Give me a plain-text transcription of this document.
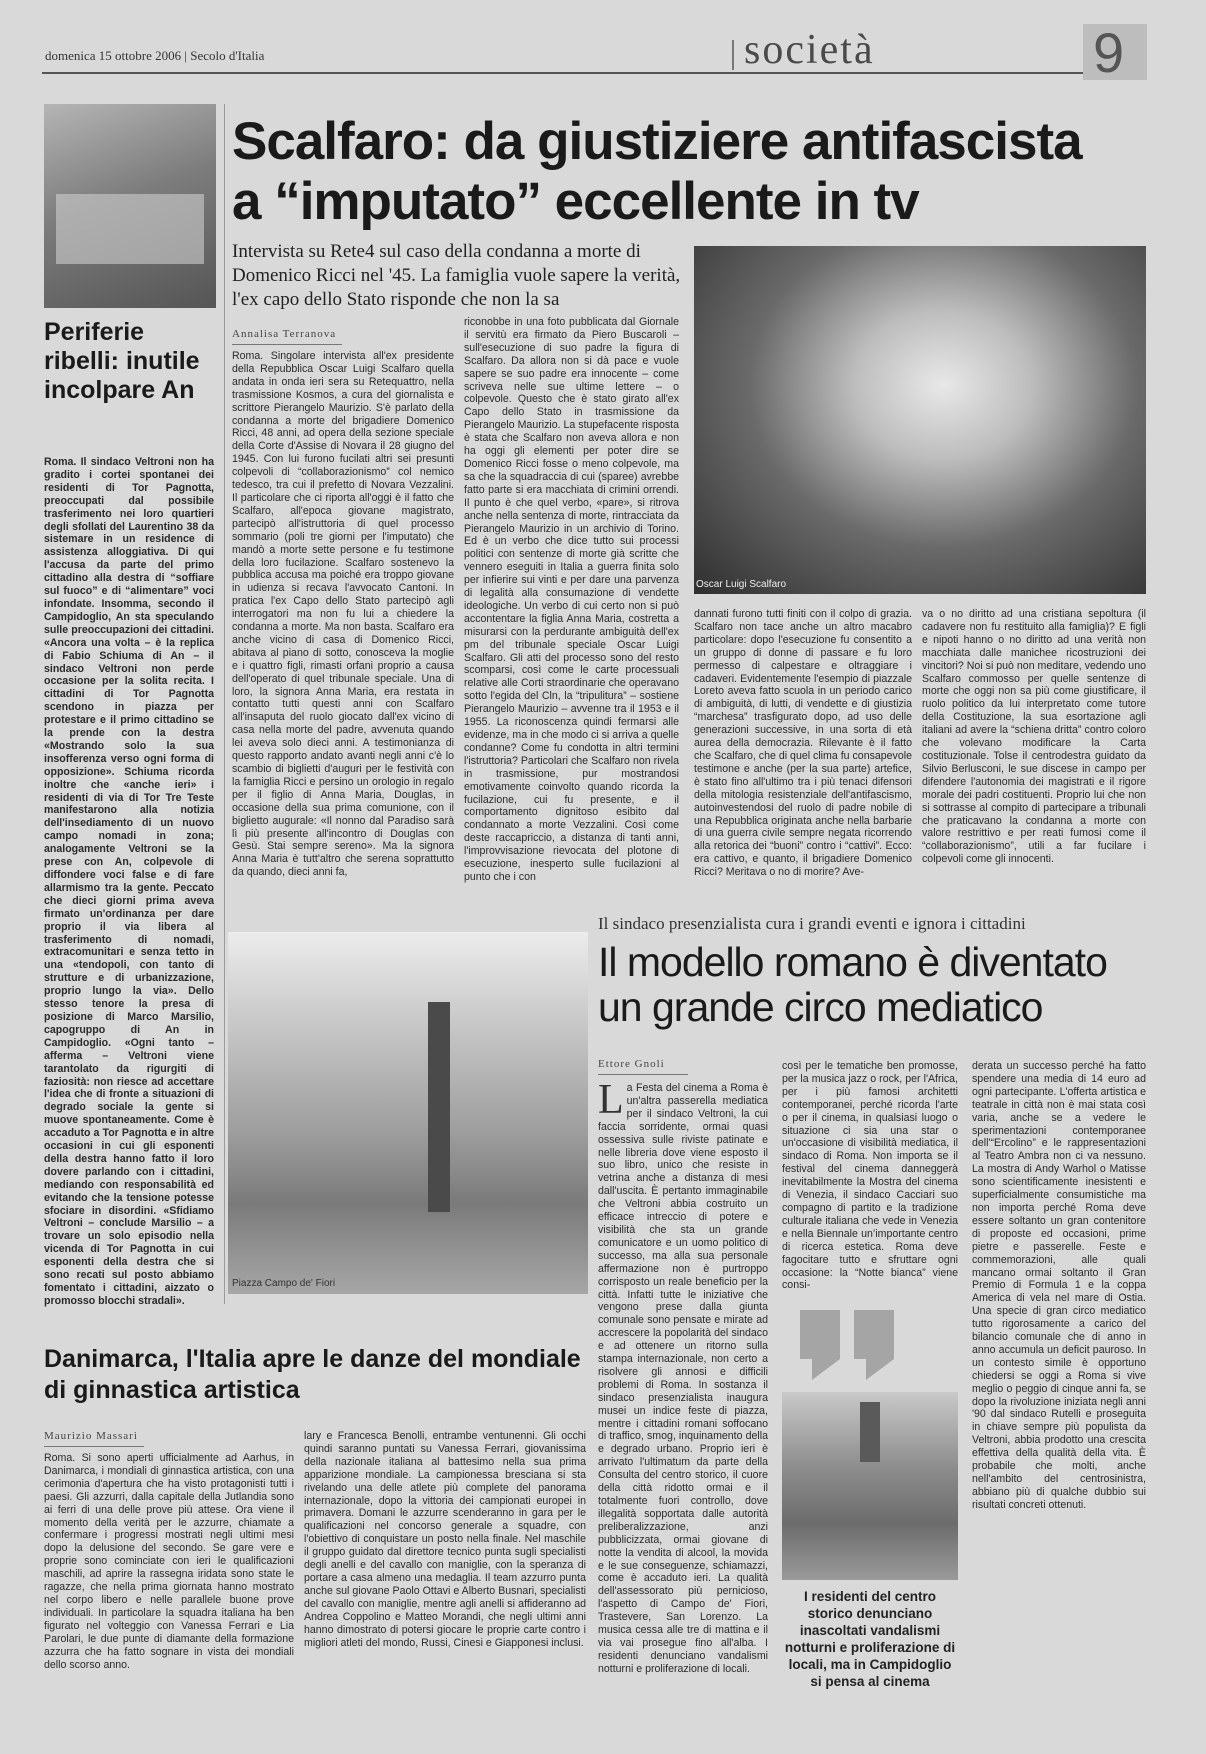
domenica 15 ottobre 2006 | Secolo d'Italia	società	9
Scalfaro: da giustiziere antifascista
a “imputato” eccellente in tv
Intervista su Rete4 sul caso della condanna a morte di Domenico Ricci nel '45. La famiglia vuole sapere la verità, l'ex capo dello Stato risponde che non la sa
Oscar Luigi Scalfaro
Annalisa Terranova
Roma. Singolare intervista all'ex presidente della Repubblica Oscar Luigi Scalfaro quella andata in onda ieri sera su Retequattro, nella trasmissione Kosmos, a cura del giornalista e scrittore Pierangelo Maurizio. S'è parlato della condanna a morte del brigadiere Domenico Ricci, 48 anni, ad opera della sezione speciale della Corte d'Assise di Novara il 28 giugno del 1945. Con lui furono fucilati altri sei presunti colpevoli di “collaborazionismo” col nemico tedesco, tra cui il prefetto di Novara Vezzalini. Il particolare che ci riporta all'oggi è il fatto che Scalfaro, all'epoca giovane magistrato, partecipò all'istruttoria di quel processo sommario (poli tre giorni per l'imputato) che mandò a morte sette persone e fu testimone della loro fucilazione. Scalfaro sostenevo la pubblica accusa ma poiché era troppo giovane in udienza si recava l'avvocato Cantoni. In pratica l'ex Capo dello Stato partecipò agli interrogatori ma non fu lui a chiedere la condanna a morte. Ma non basta. Scalfaro era anche vicino di casa di Domenico Ricci, abitava al piano di sotto, conosceva la moglie e i quattro figli, rimasti orfani proprio a causa dell'operato di quel tribunale speciale. Una di loro, la signora Anna Maria, era restata in contatto tutti questi anni con Scalfaro all'insaputa del ruolo giocato dall'ex vicino di casa nella morte del padre, avvenuta quando lei aveva solo dieci anni. A testimonianza di questo rapporto andato avanti negli anni c'è lo scambio di biglietti d'auguri per le festività con la famiglia Ricci e persino un orologio in regalo per il figlio di Anna Maria, Douglas, in occasione della sua prima comunione, con il biglietto augurale: «Il nonno dal Paradiso sarà lì più presente all'incontro di Douglas con Gesù. Stai sempre sereno». Ma la signora Anna Maria è tutt'altro che serena soprattutto da quando, dieci anni fa,
riconobbe in una foto pubblicata dal Giornale il servitù era firmato da Piero Buscaroli – sull'esecuzione di suo padre la figura di Scalfaro. Da allora non si dà pace e vuole sapere se suo padre era innocente – come scriveva nelle sue ultime lettere – o colpevole. Questo che è stato girato all'ex Capo dello Stato in trasmissione da Pierangelo Maurizio. La stupefacente risposta è stata che Scalfaro non aveva allora e non ha oggi gli elementi per poter dire se Domenico Ricci fosse o meno colpevole, ma sa che la squadraccia di cui (sparee) avrebbe fatto parte si era macchiata di crimini orrendi. Il punto è che quel verbo, «pare», si ritrova anche nella sentenza di morte, rintracciata da Pierangelo Maurizio in un archivio di Torino. Ed è un verbo che dice tutto sui processi politici con sentenze di morte già scritte che vennero eseguiti in Italia a guerra finita solo per infierire sui vinti e per dare una parvenza di legalità alla consumazione di vendette ideologiche. Un verbo di cui certo non si può accontentare la figlia Anna Maria, costretta a misurarsi con la perdurante ambiguità dell'ex pm del tribunale speciale Oscar Luigi Scalfaro. Gli atti del processo sono del resto scomparsi, così come le carte processuali relative alle Corti straordinarie che operavano sotto l'egida del Cln, la “tripulitura” – sostiene Pierangelo Maurizio – avvenne tra il 1953 e il 1955. La riconoscenza quindi fermarsi alle evidenze, ma in che modo ci si arriva a quelle condanne? Come fu condotta in altri termini l'istruttoria? Particolari che Scalfaro non rivela in trasmissione, pur mostrandosi emotivamente coinvolto quando ricorda la fucilazione, cui fu presente, e il comportamento dignitoso esibito dal condannato a morte Vezzalini. Così come deste raccapriccio, a distanza di tanti anni, l'improvvisazione rievocata del plotone di esecuzione, inesperto sulle fucilazioni al punto che i con
dannati furono tutti finiti con il colpo di grazia. Scalfaro non tace anche un altro macabro particolare: dopo l'esecuzione fu consentito a un gruppo di donne di passare e fu loro permesso di calpestare e oltraggiare i cadaveri. Evidentemente l'esempio di piazzale Loreto aveva fatto scuola in un periodo carico di ambiguità, di lutti, di vendette e di giustizia “marchesa” trasfigurato dopo, ad uso delle generazioni successive, in una sorta di età aurea della democrazia. Rilevante è il fatto che Scalfaro, che di quel clima fu consapevole testimone e anche (per la sua parte) artefice, è stato fino all'ultimo tra i più tenaci difensori della mitologia resistenziale dell'antifascismo, autoinvestendosi del ruolo di padre nobile di una Repubblica originata anche nella barbarie di una guerra civile sempre negata ricorrendo alla retorica dei “buoni” contro i “cattivi”. Ecco: era cattivo, e quanto, il brigadiere Domenico Ricci? Meritava o no di morire? Ave-
va o no diritto ad una cristiana sepoltura (il cadavere non fu restituito alla famiglia)? E figli e nipoti hanno o no diritto ad una verità non macchiata dalle manichee ricostruzioni dei vincitori? Noi si può non meditare, vedendo uno Scalfaro commosso per quelle sentenze di morte che oggi non sa più come giustificare, il ruolo politico da lui interpretato come tutore della Costituzione, la sua esortazione agli italiani ad avere la “schiena dritta” contro coloro che volevano modificare la Carta costituzionale. Tolse il centrodestra guidato da Silvio Berlusconi, le sue discese in campo per difendere l'autonomia dei magistrati e il rigore morale dei padri costituenti. Proprio lui che non si sottrasse al compito di partecipare a tribunali che praticavano la condanna a morte con valore restrittivo e per reati fumosi come il “collaborazionismo”, utili a far fucilare i colpevoli come gli innocenti.
Periferie ribelli: inutile incolpare An
Roma. Il sindaco Veltroni non ha gradito i cortei spontanei dei residenti di Tor Pagnotta, preoccupati dal possibile trasferimento nei loro quartieri degli sfollati del Laurentino 38 da sistemare in un residence di assistenza alloggiativa. Di qui l'accusa da parte del primo cittadino alla destra di “soffiare sul fuoco” e di “alimentare” voci infondate. Insomma, secondo il Campidoglio, An sta speculando sulle preoccupazioni dei cittadini. «Ancora una volta – è la replica di Fabio Schiuma di An – il sindaco Veltroni non perde occasione per la solita recita. I cittadini di Tor Pagnotta scendono in piazza per protestare e il primo cittadino se la prende con la destra «Mostrando solo la sua insofferenza verso ogni forma di opposizione». Schiuma ricorda inoltre che «anche ieri» i residenti di via di Tor Tre Teste manifestarono alla notizia dell'insediamento di un nuovo campo nomadi in zona; analogamente Veltroni se la prese con An, colpevole di diffondere voci false e di fare allarmismo tra la gente. Peccato che dieci giorni prima aveva firmato un'ordinanza per dare proprio il via libera al trasferimento di nomadi, extracomunitari e senza tetto in una «tendopoli, con tanto di strutture e di urbanizzazione, proprio lungo la via». Dello stesso tenore la presa di posizione di Marco Marsilio, capogruppo di An in Campidoglio. «Ogni tanto – afferma – Veltroni viene tarantolato da rigurgiti di faziosità: non riesce ad accettare l'idea che di fronte a situazioni di degrado sociale la gente si muove spontaneamente. Come è accaduto a Tor Pagnotta e in altre occasioni in cui gli esponenti della destra hanno fatto il loro dovere parlando con i cittadini, mediando con responsabilità ed evitando che la tensione potesse sfociare in disordini. «Sfidiamo Veltroni – conclude Marsilio – a trovare un solo episodio nella vicenda di Tor Pagnotta in cui esponenti della destra che si sono recati sul posto abbiamo fomentato i cittadini, aizzato o promosso blocchi stradali».
Piazza Campo de' Fiori
Il sindaco presenzialista cura i grandi eventi e ignora i cittadini
Il modello romano è diventato un grande circo mediatico
Ettore Gnoli
La Festa del cinema a Roma è un'altra passerella mediatica per il sindaco Veltroni, la cui faccia sorridente, ormai quasi ossessiva sulle riviste patinate e nelle libreria dove viene esposto il suo libro, unico che resiste in vetrina anche a distanza di mesi dall'uscita. È pertanto immaginabile che Veltroni abbia costruito un efficace intreccio di potere e visibilità che sta un grande comunicatore e un uomo politico di successo, ma alla sua personale affermazione non è purtroppo corrisposto un reale beneficio per la città. Infatti tutte le iniziative che vengono prese dalla giunta comunale sono pensate e mirate ad accrescere la popolarità del sindaco e ad ottenere un ritorno sulla stampa internazionale, non certo a risolvere gli annosi e difficili problemi di Roma. In sostanza il sindaco presenzialista inaugura musei un indice feste di piazza, mentre i cittadini romani soffocano di traffico, smog, inquinamento della e degrado urbano. Proprio ieri è arrivato l'ultimatum da parte della Consulta del centro storico, il cuore della città ridotto ormai e il totalmente fuori controllo, dove illegalità sopportata dalle autorità preliberalizzazione, anzi pubblicizzata, ormai giovane di notte la vendita di alcool, la movida e le sue conseguenze, schiamazzi, come è accaduto ieri. La qualità dell'assessorato più pernicioso, l'aspetto di Campo de' Fiori, Trastevere, San Lorenzo. La musica cessa alle tre di mattina e il via vai prosegue fino all'alba. I residenti denunciano vandalismi notturni e proliferazione di locali.
così per le tematiche ben promosse, per la musica jazz o rock, per l'Africa, per i più famosi architetti contemporanei, perché ricorda l'arte o per il cinema, in qualsiasi luogo o situazione ci sia una star o un'occasione di visibilità mediatica, il sindaco di Roma. Non importa se il festival del cinema danneggerà inevitabilmente la Mostra del cinema di Venezia, il sindaco Cacciari suo compagno di partito e la tradizione culturale italiana che vede in Venezia e nella Biennale un’importante centro di ricerca estetica. Roma deve fagocitare tutto e sfruttare ogni occasione: la “Notte bianca” viene consi-
derata un successo perché ha fatto spendere una media di 14 euro ad ogni partecipante. L'offerta artistica e teatrale in città non è mai stata così varia, anche se a vedere le sperimentazioni contemporanee dell'“Ercolino” e le rappresentazioni al Teatro Ambra non ci va nessuno. La mostra di Andy Warhol o Matisse sono scientificamente inesistenti e superficialmente consumistiche ma non importa perché Roma deve essere soltanto un gran contenitore di proposte ed occasioni, prime pietre e passerelle. Feste e commemorazioni, alle quali mancano ormai soltanto il Gran Premio di Formula 1 e la coppa America di vela nel mare di Ostia. Una specie di gran circo mediatico tutto rigorosamente a carico del bilancio comunale che di anno in anno accumula un deficit pauroso. In un contesto simile è opportuno chiedersi se oggi a Roma si vive meglio o peggio di cinque anni fa, se dopo la rivoluzione iniziata negli anni '90 dal sindaco Rutelli e proseguita in chiave sempre più populista da Veltroni, abbia prodotto una crescita effettiva della qualità della vita. È probabile che molti, anche nell'ambito del centrosinistra, abbiano più di qualche dubbio sui risultati concreti ottenuti.
I residenti del centro storico denunciano inascoltati vandalismi notturni e proliferazione di locali, ma in Campidoglio si pensa al cinema
Danimarca, l'Italia apre le danze del mondiale di ginnastica artistica
Maurizio Massari
Roma. Si sono aperti ufficialmente ad Aarhus, in Danimarca, i mondiali di ginnastica artistica, con una cerimonia d'apertura che ha visto protagonisti tutti i paesi. Gli azzurri, dalla capitale della Jutlandia sono ai ferri di una delle prove più attese. Ora viene il momento della verità per le azzurre, chiamate a confermare i progressi mostrati negli ultimi mesi dopo la delusione del secondo. Se gare vere e proprie sono cominciate con ieri le qualificazioni maschili, ad aprire la rassegna iridata sono state le ragazze, che nella prima giornata hanno mostrato nel corpo libero e nelle parallele buone prove individuali. In particolare la squadra italiana ha ben figurato nel volteggio con Vanessa Ferrari e Lia Parolari, le due punte di diamante della formazione azzurra che ha fatto sognare in vista dei mondiali dello scorso anno.
lary e Francesca Benolli, entrambe ventunenni. Gli occhi quindi saranno puntati su Vanessa Ferrari, giovanissima della nazionale italiana al battesimo nella sua prima apparizione mondiale. La campionessa bresciana si sta rivelando una delle atlete più complete del panorama internazionale, dopo la vittoria dei campionati europei in primavera. Domani le azzurre scenderanno in gara per le qualificazioni nel concorso generale a squadre, con l'obiettivo di conquistare un posto nella finale. Nel maschile il gruppo guidato dal direttore tecnico punta sugli specialisti degli anelli e del cavallo con maniglie, con la speranza di portare a casa almeno una medaglia. Il team azzurro punta anche sul giovane Paolo Ottavi e Alberto Busnari, specialisti del cavallo con maniglie, mentre agli anelli si affideranno ad Andrea Coppolino e Matteo Morandi, che negli ultimi anni hanno dimostrato di potersi giocare le proprie carte contro i migliori atleti del mondo, Russi, Cinesi e Giapponesi inclusi.
